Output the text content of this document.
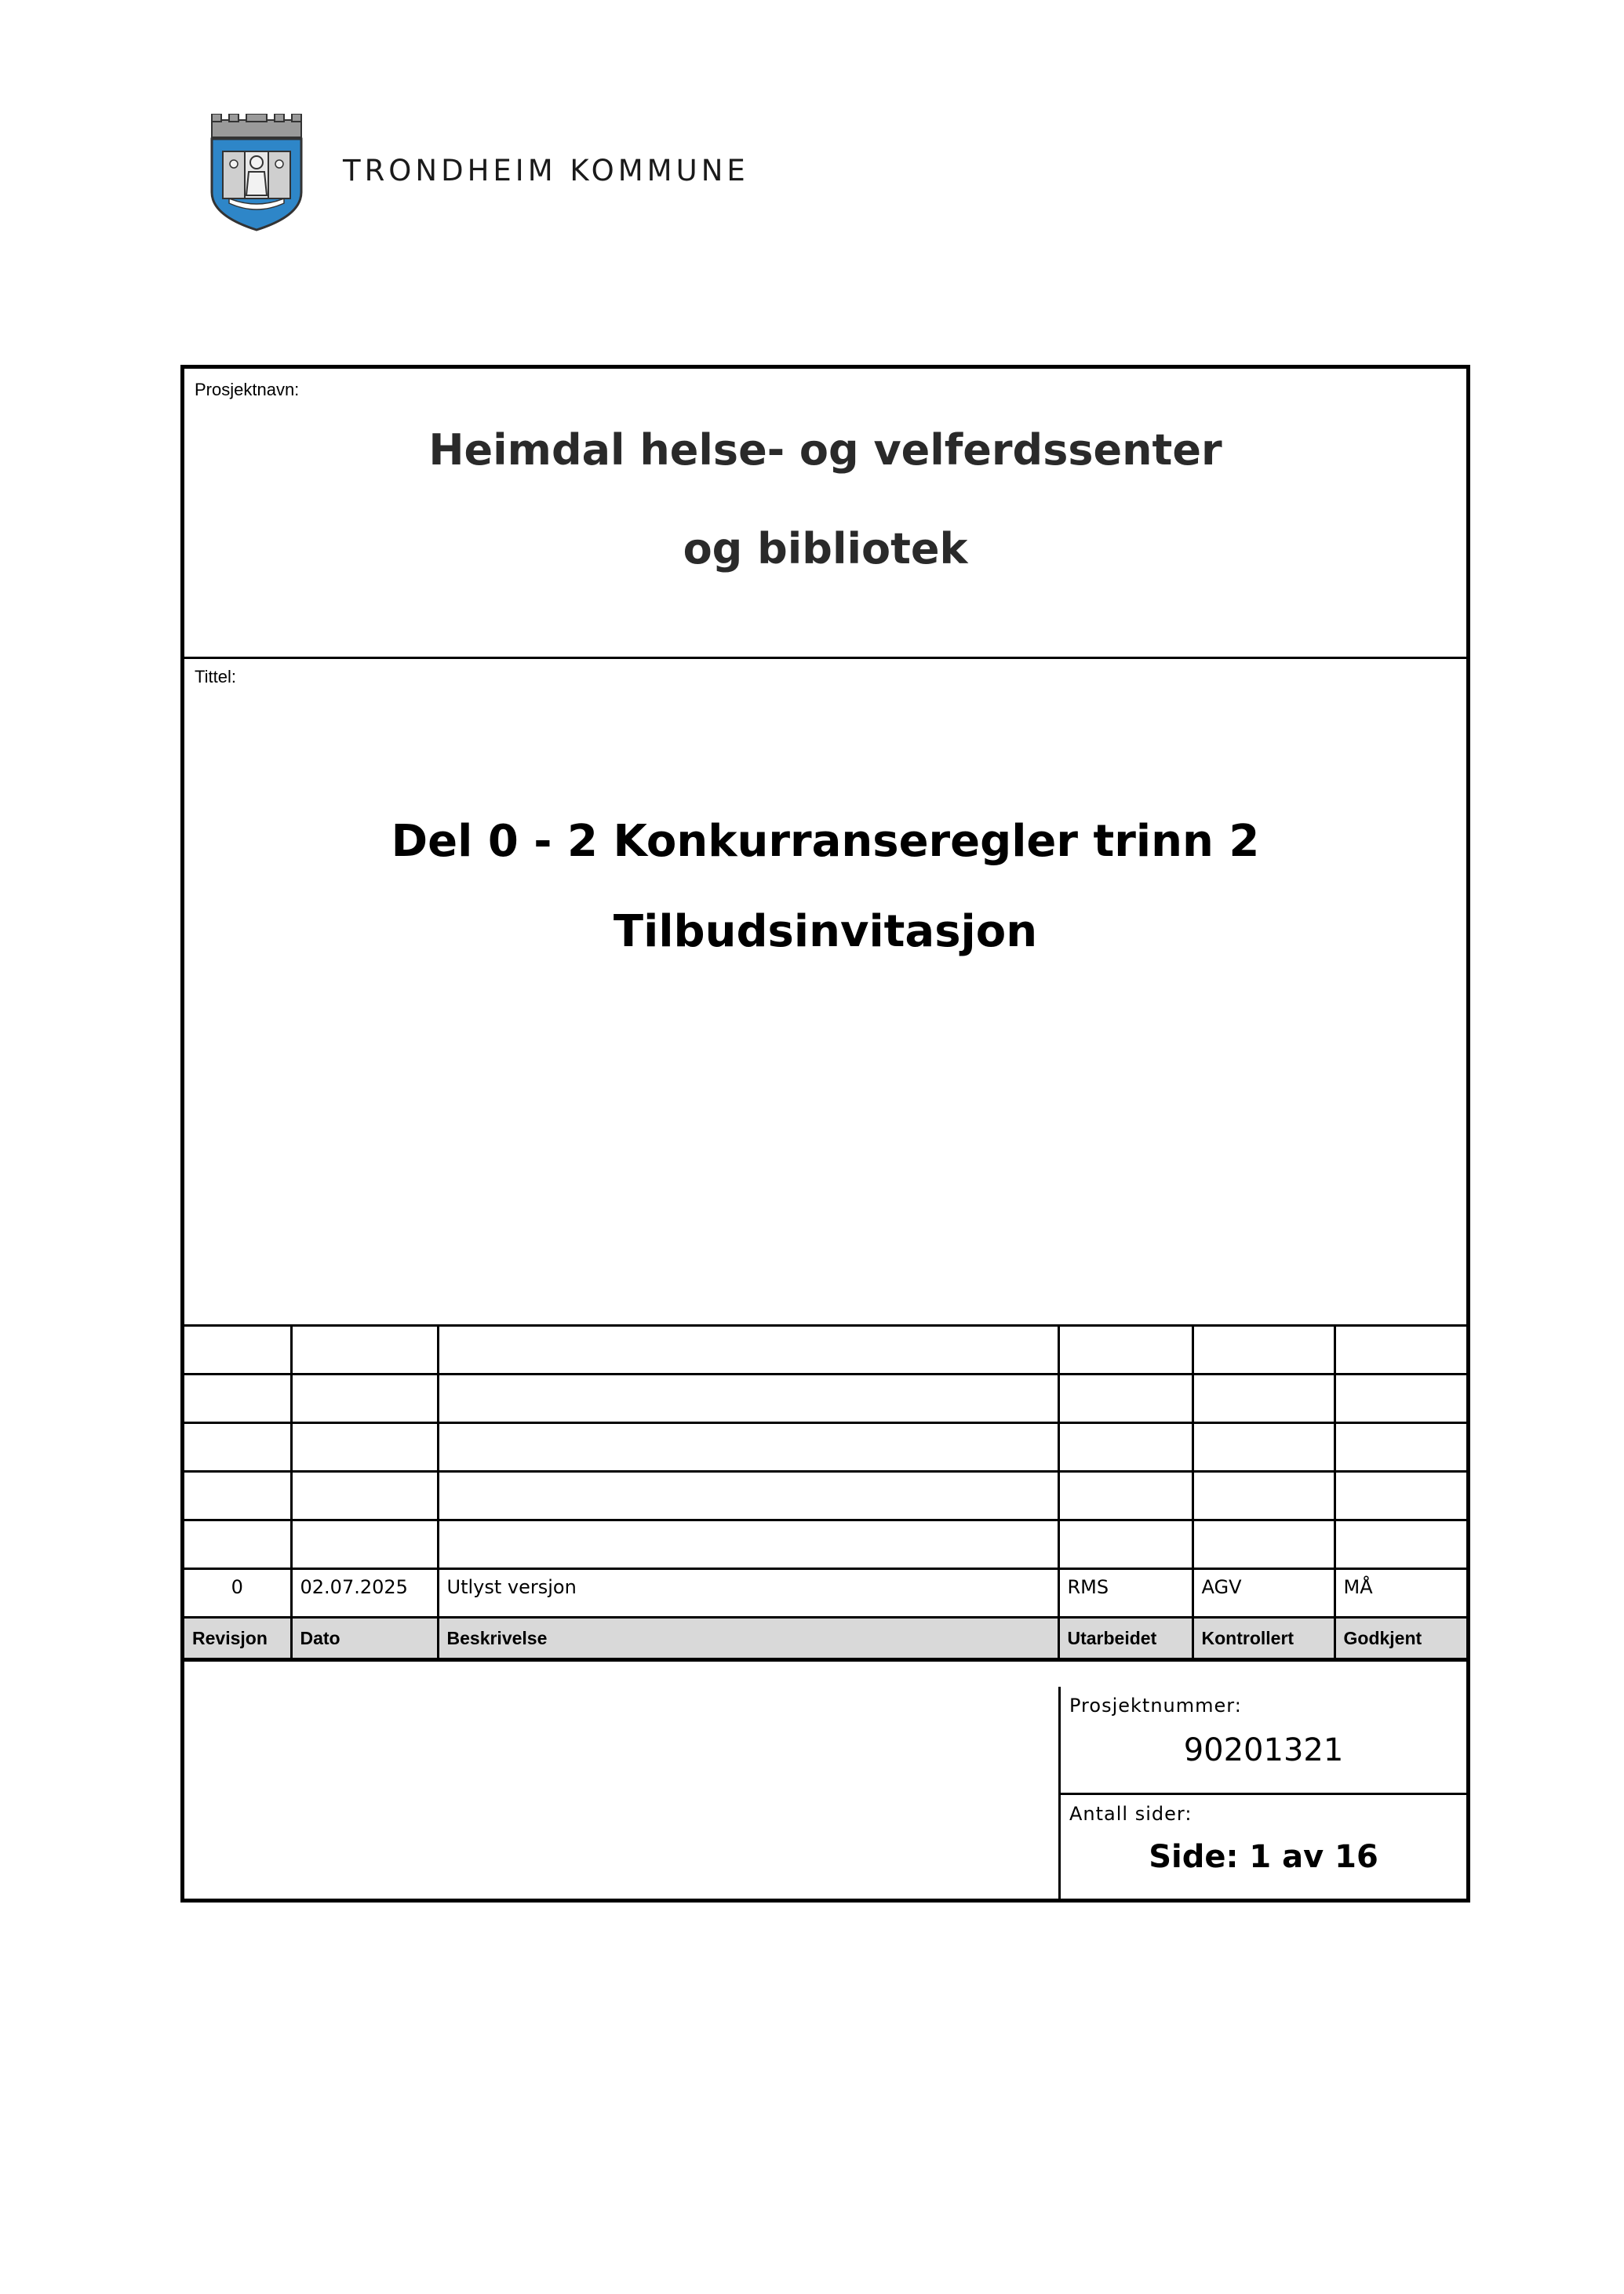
TRONDHEIM KOMMUNE
Prosjektnavn:
Heimdal helse- og velferdssenter
og bibliotek
Tittel:
Del 0 - 2 Konkurranseregler trinn 2
Tilbudsinvitasjon

0	02.07.2025	Utlyst versjon	RMS	AGV	MÅ
Revisjon	Dato	Beskrivelse	Utarbeidet	Kontrollert	Godkjent
Prosjektnummer:
90201321
Antall sider:
Side: 1 av 16
